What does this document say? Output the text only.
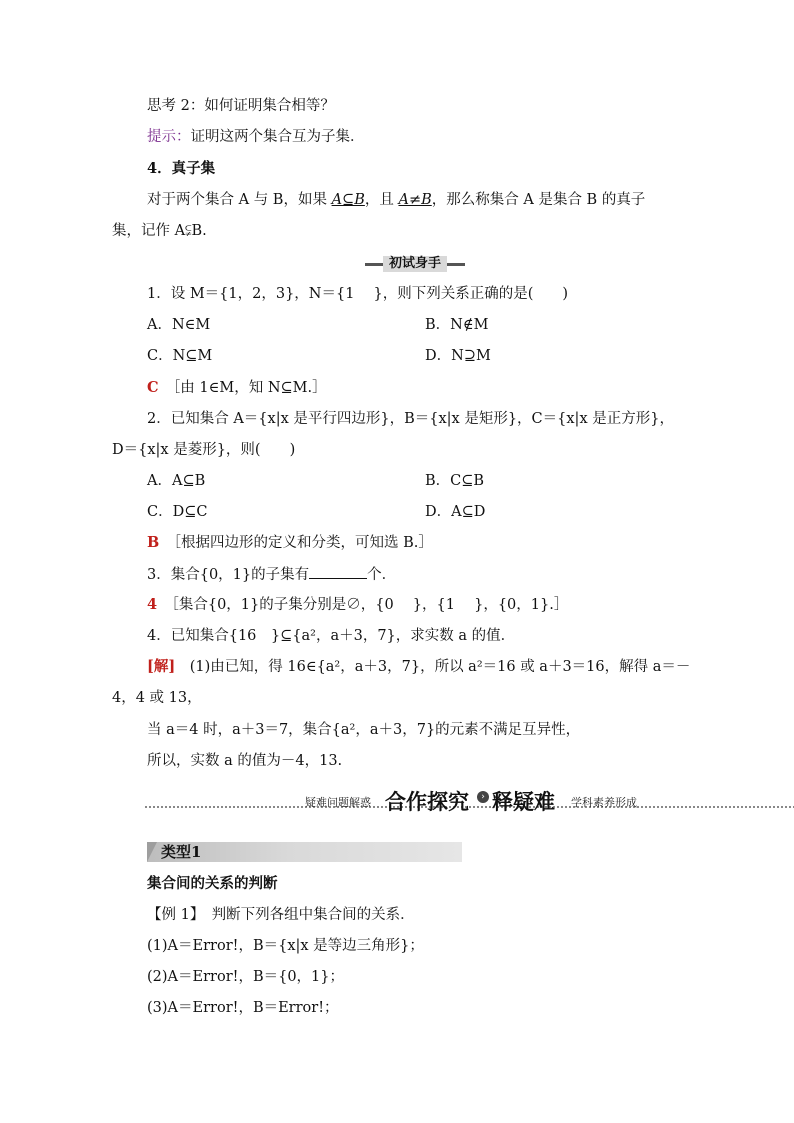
思考 2：如何证明集合相等？
提示：证明这两个集合互为子集．
4．真子集
对于两个集合 A 与 B，如果 A⊆B，且 A≠B，那么称集合 A 是集合 B 的真子
集，记作 A⫋B.
初试身手
1．设 M＝{1，2，3}，N＝{1　 }，则下列关系正确的是(　　)
A．N∈M	B．N∉M
C．N⊆M	D．N⊇M
C　 ［由 1∈M，知 N⊆M.］
2．已知集合 A＝{x|x 是平行四边形}，B＝{x|x 是矩形}，C＝{x|x 是正方形}，
D＝{x|x 是菱形}，则(　　)
A．A⊆B	B．C⊆B
C．D⊆C	D．A⊆D
B　 ［根据四边形的定义和分类，可知选 B.］
3．集合{0，1}的子集有	个．
4　 ［集合{0，1}的子集分别是∅，{0　 }，{1　 }，{0，1}.］
4．已知集合{16　}⊆{a²，a＋3，7}，求实数 a 的值．
[解]　 (1)由已知，得 16∈{a²，a＋3，7}，所以 a²＝16 或 a＋3＝16，解得 a＝－
4，4 或 13，
当 a＝4 时，a＋3＝7，集合{a²，a＋3，7}的元素不满足互异性，
所以，实数 a 的值为－4，13.
疑难问题解惑 合作探究	› 释疑难 学科素养形成
类型1
集合间的关系的判断
【例 1】　判断下列各组中集合间的关系．
(1)A＝Error!，B＝{x|x 是等边三角形}；
(2)A＝Error!，B＝{0，1}；
(3)A＝Error!，B＝Error!；
